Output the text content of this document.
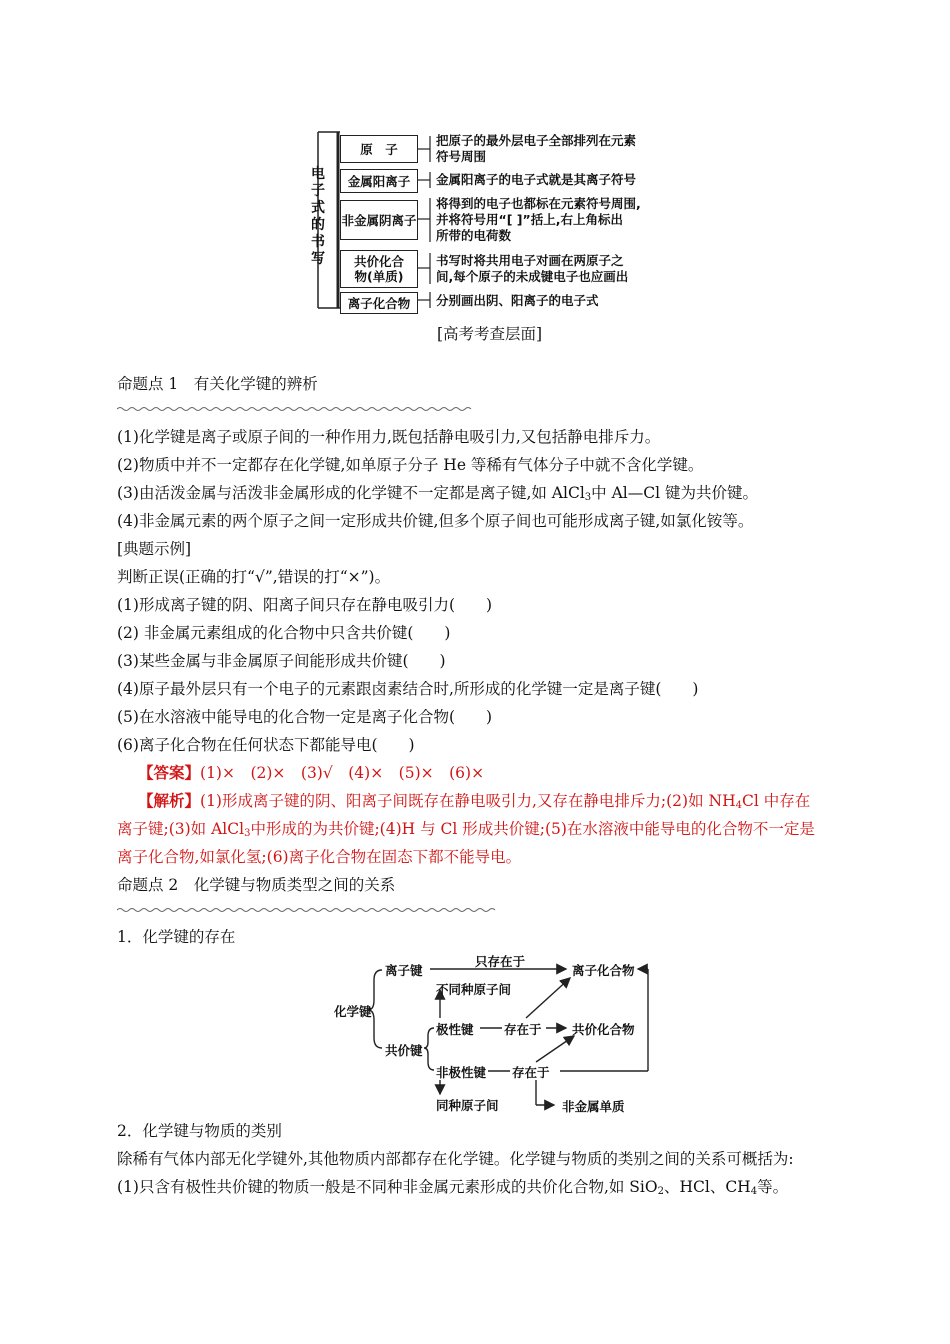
电
子
式
的
书
写
原　子
金属阳离子
非金属阴离子
共价化合
物(单质)
离子化合物
把原子的最外层电子全部排列在元素
符号周围
金属阳离子的电子式就是其离子符号
将得到的电子也都标在元素符号周围,
并将符号用“[ ]”括上,右上角标出
所带的电荷数
书写时将共用电子对画在两原子之
间,每个原子的未成键电子也应画出
分别画出阴、阳离子的电子式
[高考考查层面]
命题点 1　有关化学键的辨析
(1)化学键是离子或原子间的一种作用力,既包括静电吸引力,又包括静电排斥力。
(2)物质中并不一定都存在化学键,如单原子分子 He 等稀有气体分子中就不含化学键。
(3)由活泼金属与活泼非金属形成的化学键不一定都是离子键,如 AlCl$_3$中 Al—Cl 键为共价键。
(4)非金属元素的两个原子之间一定形成共价键,但多个原子间也可能形成离子键,如氯化铵等。
[典题示例]
判断正误(正确的打“√”,错误的打“×”)。
(1)形成离子键的阴、阳离子间只存在静电吸引力(　　)
(2) 非金属元素组成的化合物中只含共价键(　　)
(3)某些金属与非金属原子间能形成共价键(　　)
(4)原子最外层只有一个电子的元素跟卤素结合时,所形成的化学键一定是离子键(　　)
(5)在水溶液中能导电的化合物一定是离子化合物(　　)
(6)离子化合物在任何状态下都能导电(　　)
【答案】(1)×　(2)×　(3)√　(4)×　(5)×　(6)×
【解析】(1)形成离子键的阴、阳离子间既存在静电吸引力,又存在静电排斥力;(2)如 $NH_4Cl$ 中存在
离子键;(3)如 AlCl$_3$中形成的为共价键;(4)H 与 Cl 形成共价键;(5)在水溶液中能导电的化合物不一定是
离子化合物,如氯化氢;(6)离子化合物在固态下都不能导电。
命题点 2　化学键与物质类型之间的关系
1．化学键的存在
化学键
离子键
只存在于
离子化合物
不同种原子间
共价键
极性键 存在于 共价化合物
非极性键 存在于
同种原子间	非金属单质
2．化学键与物质的类别
除稀有气体内部无化学键外,其他物质内部都存在化学键。化学键与物质的类别之间的关系可概括为:
(1)只含有极性共价键的物质一般是不同种非金属元素形成的共价化合物,如 SiO$_2$、HCl、$CH_4$等。
